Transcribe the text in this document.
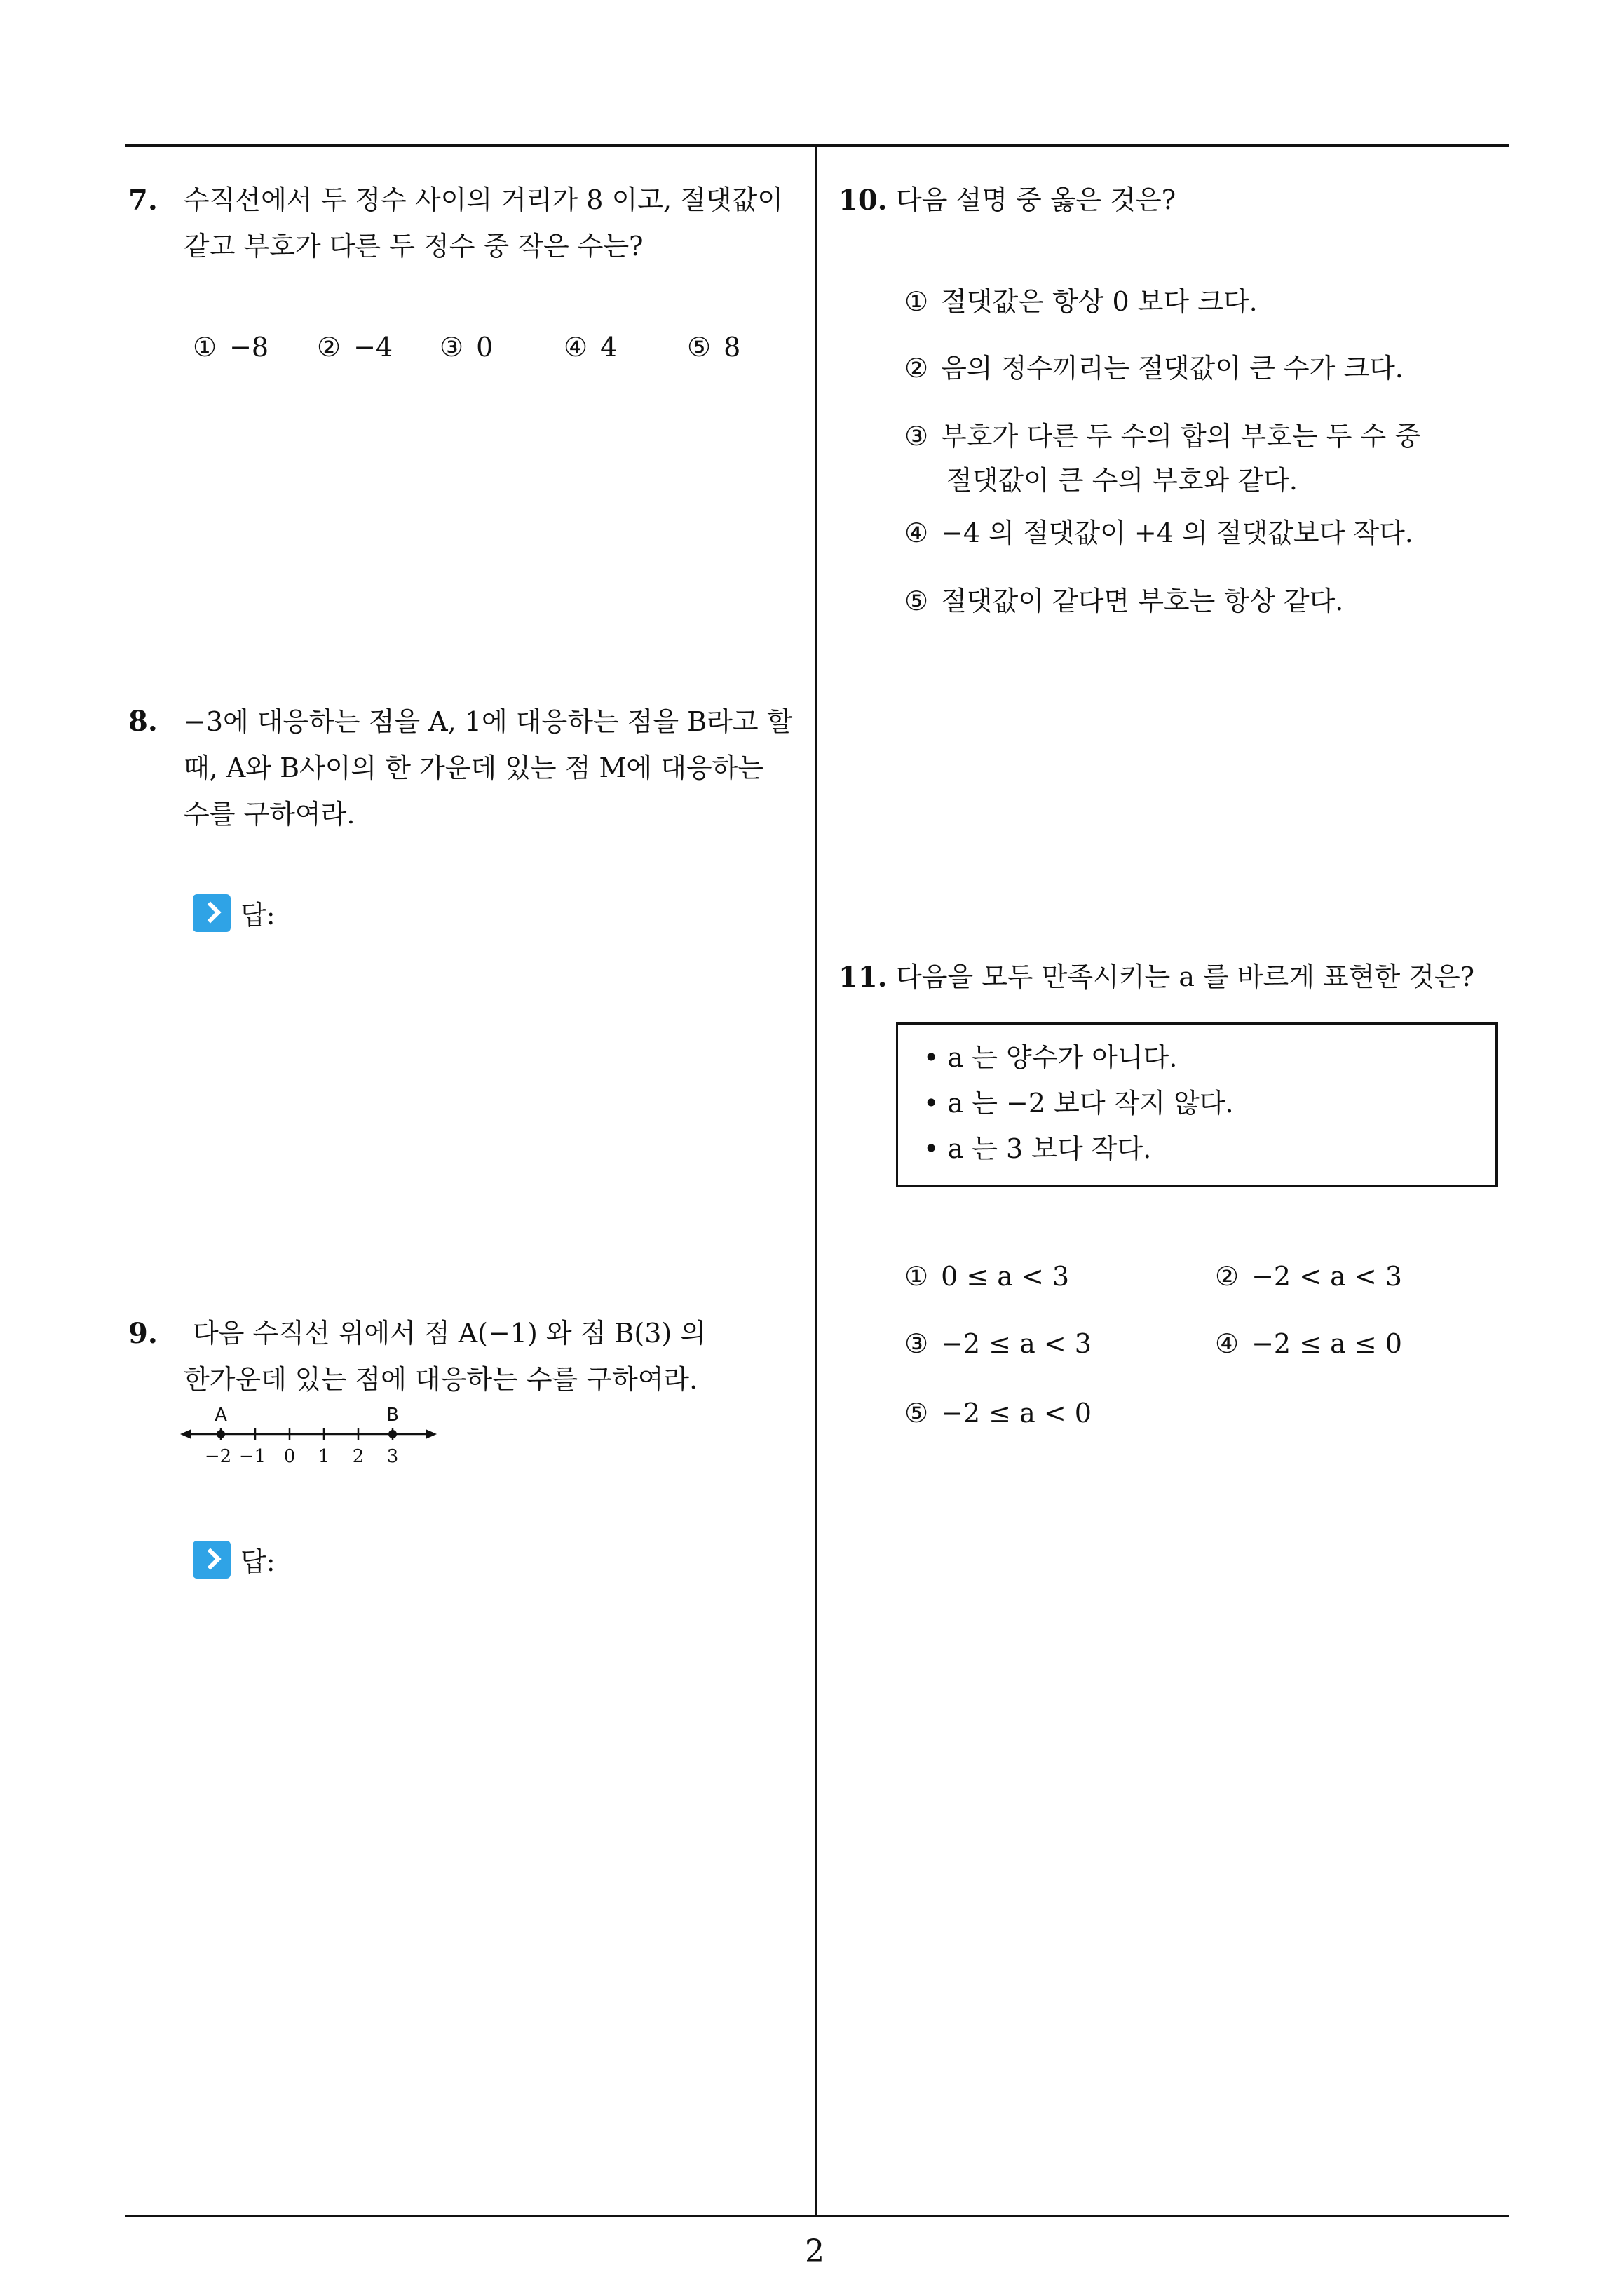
7. 수직선에서 두 정수 사이의 거리가 8 이고, 절댓값이
같고 부호가 다른 두 정수 중 작은 수는?
① −8 ② −4 ③ 0	④ 4	⑤ 8
8. −3에 대응하는 점을 A, 1에 대응하는 점을 B라고 할
때, A와 B사이의 한 가운데 있는 점 M에 대응하는
수를 구하여라.
답:
9. 다음 수직선 위에서 점 A(−1) 와 점 B(3) 의
한가운데 있는 점에 대응하는 수를 구하여라.
A	B
−2 −1 0 1 2 3
답:
10. 다음 설명 중 옳은 것은?
① 절댓값은 항상 0 보다 크다.
② 음의 정수끼리는 절댓값이 큰 수가 크다.
③ 부호가 다른 두 수의 합의 부호는 두 수 중
절댓값이 큰 수의 부호와 같다.
④ −4 의 절댓값이 +4 의 절댓값보다 작다.
⑤ 절댓값이 같다면 부호는 항상 같다.
11. 다음을 모두 만족시키는 a 를 바르게 표현한 것은?
• a 는 양수가 아니다.
• a 는 −2 보다 작지 않다.
• a 는 3 보다 작다.
① 0 ≤ a < 3	② −2 < a < 3
③ −2 ≤ a < 3	④ −2 ≤ a ≤ 0
⑤ −2 ≤ a < 0
2
